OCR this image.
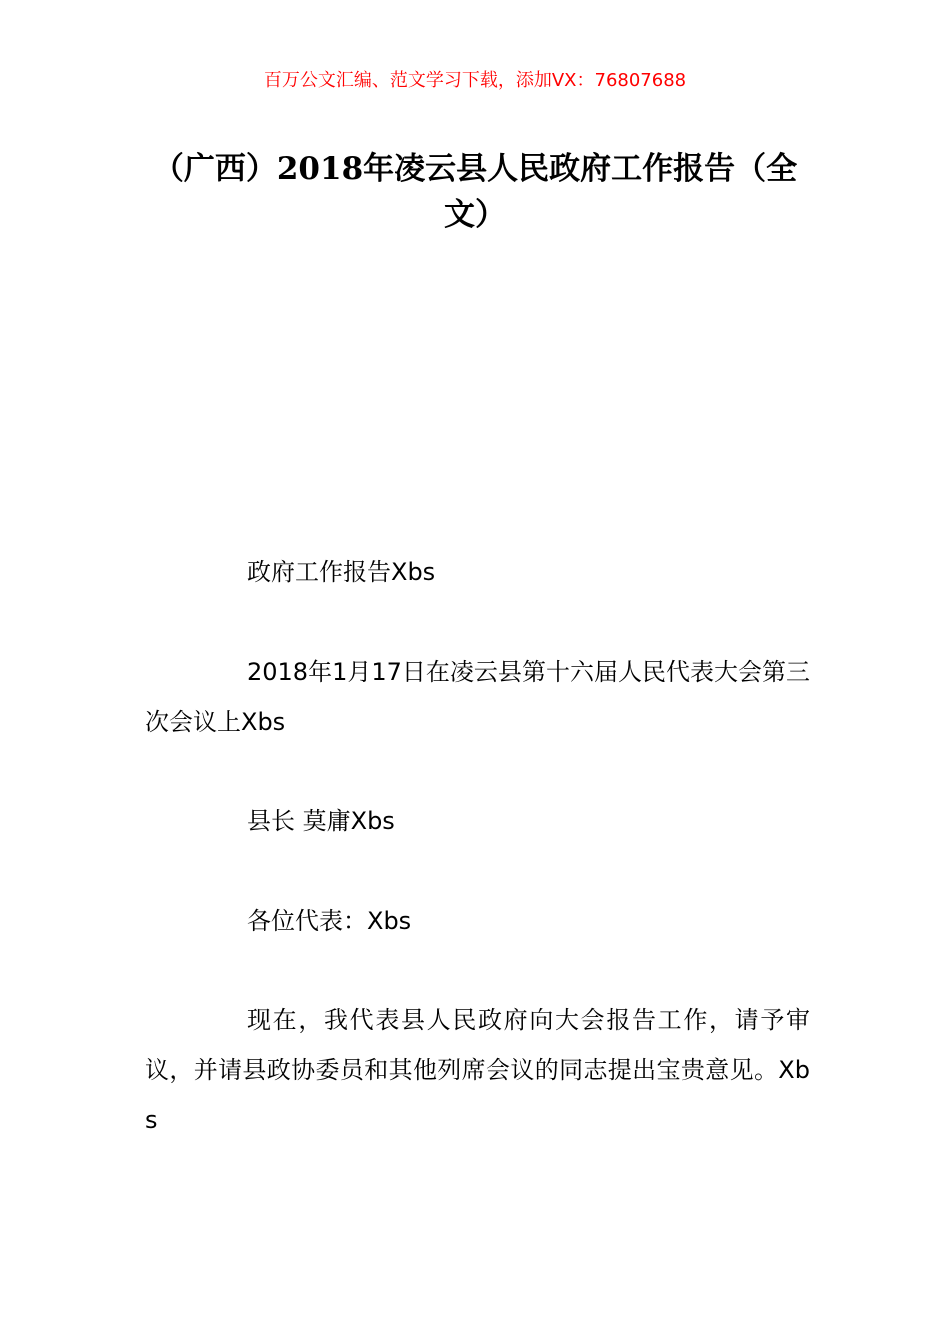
百万公文汇编、范文学习下载，添加VX：76807688
（广西）2018年凌云县人民政府工作报告（全文）

政府工作报告Xbs

2018年1月17日在凌云县第十六届人民代表大会第三次会议上Xbs

县长 莫庸Xbs

各位代表：Xbs

现在，我代表县人民政府向大会报告工作，请予审议，并请县政协委员和其他列席会议的同志提出宝贵意见。Xbs
